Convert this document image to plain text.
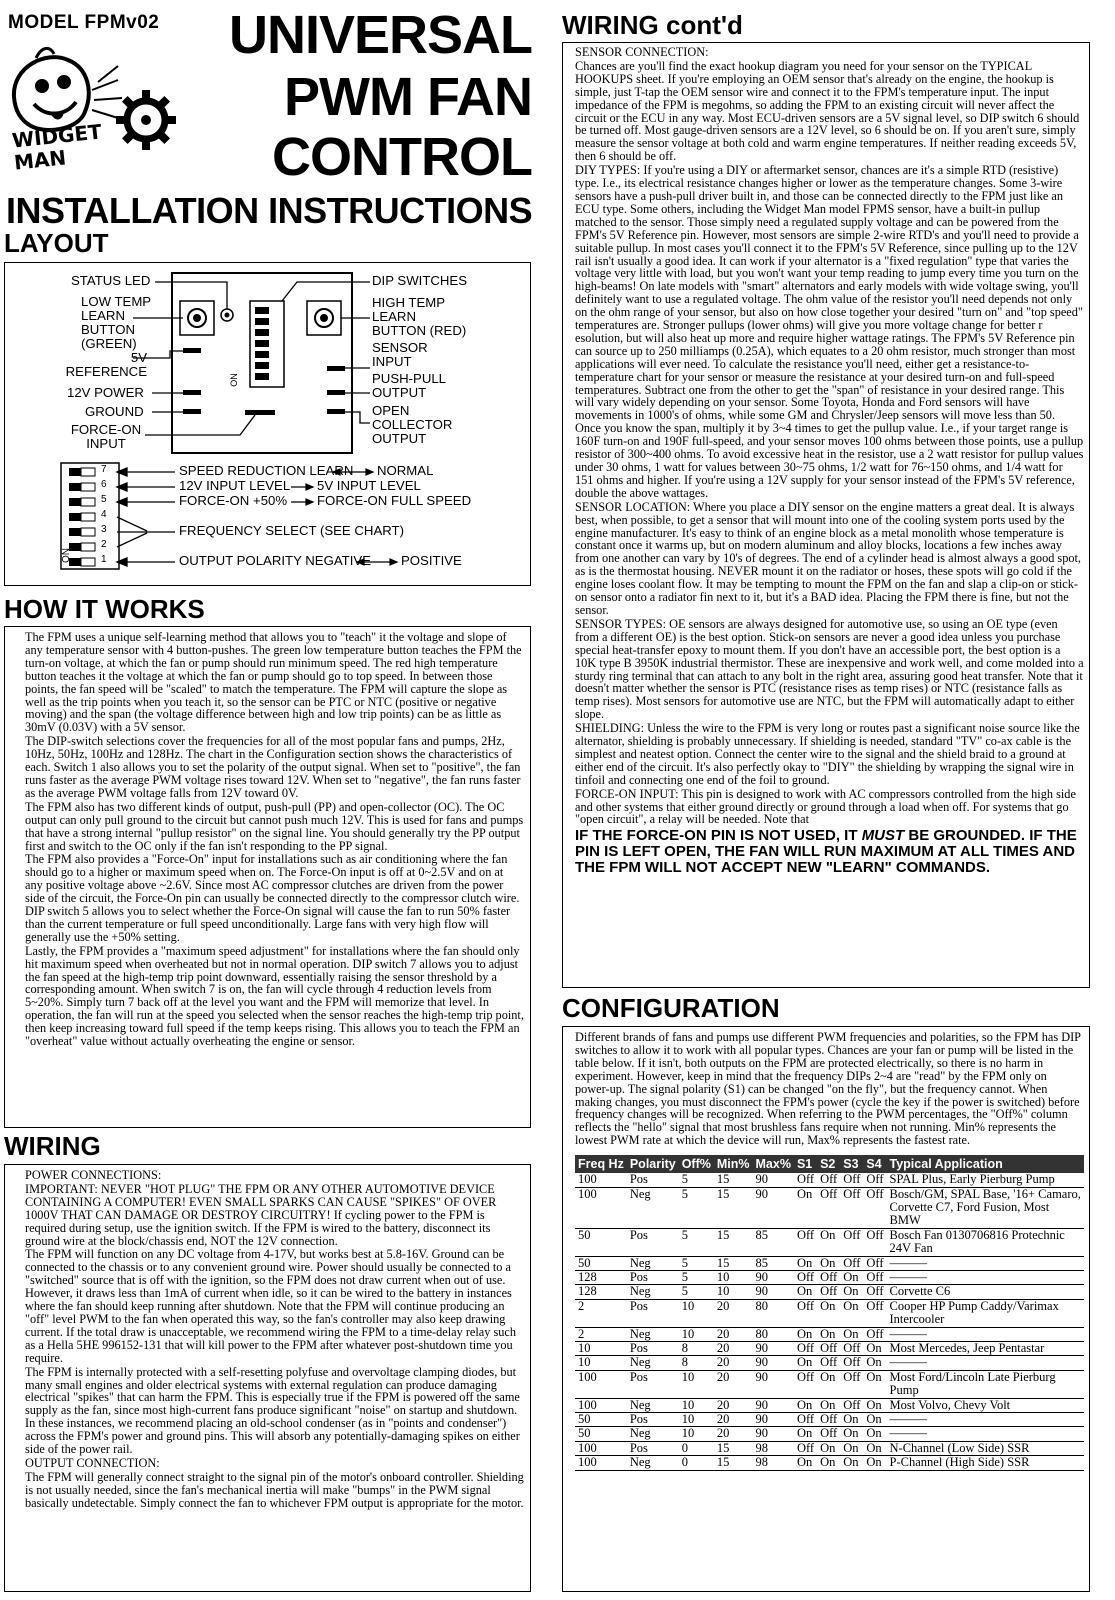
MODEL FPMv02 UNIVERSAL
PWM FAN
CONTROL
WIDGET
MAN
INSTALLATION INSTRUCTIONS
LAYOUT
ON
ON
7
6
5
4
3
2
1
STATUS LED
LOW TEMP
LEARN
BUTTON
(GREEN)
5V
REFERENCE
12V POWER
GROUND
FORCE-ON
INPUT
DIP SWITCHES
HIGH TEMP
LEARN
BUTTON (RED)
SENSOR
INPUT
PUSH-PULL
OUTPUT
OPEN
COLLECTOR
OUTPUT
SPEED REDUCTION LEARN NORMAL
12V INPUT LEVEL 5V INPUT LEVEL
FORCE-ON +50% FORCE-ON FULL SPEED
FREQUENCY SELECT (SEE CHART)
OUTPUT POLARITY NEGATIVE POSITIVE
HOW IT WORKS

The FPM uses a unique self-learning method that allows you to "teach" it the voltage and slope of any temperature sensor with 4 button-pushes. The green low temperature button teaches the FPM the turn-on voltage, at which the fan or pump should run minimum speed. The red high temperature button teaches it the voltage at which the fan or pump should go to top speed. In between those points, the fan speed will be "scaled" to match the temperature. The FPM will capture the slope as well as the trip points when you teach it, so the sensor can be PTC or NTC (positive or negative moving) and the span (the voltage difference between high and low trip points) can be as little as 30mV (0.03V) with a 5V sensor.

The DIP-switch selections cover the frequencies for all of the most popular fans and pumps, 2Hz, 10Hz, 50Hz, 100Hz and 128Hz. The chart in the Configuration section shows the characteristics of each. Switch 1 also allows you to set the polarity of the output signal. When set to "positive", the fan runs faster as the average PWM voltage rises toward 12V. When set to "negative", the fan runs faster as the average PWM voltage falls from 12V toward 0V.

The FPM also has two different kinds of output, push-pull (PP) and open-collector (OC). The OC output can only pull ground to the circuit but cannot push much 12V. This is used for fans and pumps that have a strong internal "pullup resistor" on the signal line. You should generally try the PP output first and switch to the OC only if the fan isn't responding to the PP signal.

The FPM also provides a "Force-On" input for installations such as air conditioning where the fan should go to a higher or maximum speed when on. The Force-On input is off at 0~2.5V and on at any positive voltage above ~2.6V. Since most AC compressor clutches are driven from the power side of the circuit, the Force-On pin can usually be connected directly to the compressor clutch wire. DIP switch 5 allows you to select whether the Force-On signal will cause the fan to run 50% faster than the current temperature or full speed unconditionally. Large fans with very high flow will generally use the +50% setting.

Lastly, the FPM provides a "maximum speed adjustment" for installations where the fan should only hit maximum speed when overheated but not in normal operation. DIP switch 7 allows you to adjust the fan speed at the high-temp trip point downward, essentially raising the sensor threshold by a corresponding amount. When switch 7 is on, the fan will cycle through 4 reduction levels from 5~20%. Simply turn 7 back off at the level you want and the FPM will memorize that level. In operation, the fan will run at the speed you selected when the sensor reaches the high-temp trip point, then keep increasing toward full speed if the temp keeps rising. This allows you to teach the FPM an "overheat" value without actually overheating the engine or sensor.

WIRING

POWER CONNECTIONS:

IMPORTANT: NEVER "HOT PLUG" THE FPM OR ANY OTHER AUTOMOTIVE DEVICE CONTAINING A COMPUTER! EVEN SMALL SPARKS CAN CAUSE "SPIKES" OF OVER 1000V THAT CAN DAMAGE OR DESTROY CIRCUITRY! If cycling power to the FPM is required during setup, use the ignition switch. If the FPM is wired to the battery, disconnect its ground wire at the block/chassis end, NOT the 12V connection.

The FPM will function on any DC voltage from 4-17V, but works best at 5.8-16V. Ground can be connected to the chassis or to any convenient ground wire. Power should usually be connected to a "switched" source that is off with the ignition, so the FPM does not draw current when out of use. However, it draws less than 1mA of current when idle, so it can be wired to the battery in instances where the fan should keep running after shutdown. Note that the FPM will continue producing an "off" level PWM to the fan when operated this way, so the fan's controller may also keep drawing current. If the total draw is unacceptable, we recommend wiring the FPM to a time-delay relay such as a Hella 5HE 996152-131 that will kill power to the FPM after whatever post-shutdown time you require.

The FPM is internally protected with a self-resetting polyfuse and overvoltage clamping diodes, but many small engines and older electrical systems with external regulation can produce damaging electrical "spikes" that can harm the FPM. This is especially true if the FPM is powered off the same supply as the fan, since most high-current fans produce significant "noise" on startup and shutdown. In these instances, we recommend placing an old-school condenser (as in "points and condenser") across the FPM's power and ground pins. This will absorb any potentially-damaging spikes on either side of the power rail.

OUTPUT CONNECTION:

The FPM will generally connect straight to the signal pin of the motor's onboard controller. Shielding is not usually needed, since the fan's mechanical inertia will make "bumps" in the PWM signal basically undetectable. Simply connect the fan to whichever FPM output is appropriate for the motor.

WIRING cont'd

SENSOR CONNECTION:

Chances are you'll find the exact hookup diagram you need for your sensor on the TYPICAL HOOKUPS sheet. If you're employing an OEM sensor that's already on the engine, the hookup is simple, just T-tap the OEM sensor wire and connect it to the FPM's temperature input. The input impedance of the FPM is megohms, so adding the FPM to an existing circuit will never affect the circuit or the ECU in any way. Most ECU-driven sensors are a 5V signal level, so DIP switch 6 should be turned off. Most gauge-driven sensors are a 12V level, so 6 should be on. If you aren't sure, simply measure the sensor voltage at both cold and warm engine temperatures. If neither reading exceeds 5V, then 6 should be off.

DIY TYPES: If you're using a DIY or aftermarket sensor, chances are it's a simple RTD (resistive) type. I.e., its electrical resistance changes higher or lower as the temperature changes. Some 3-wire sensors have a push-pull driver built in, and those can be connected directly to the FPM just like an ECU type. Some others, including the Widget Man model FPMS sensor, have a built-in pullup matched to the sensor. Those simply need a regulated supply voltage and can be powered from the FPM's 5V Reference pin. However, most sensors are simple 2-wire RTD's and you'll need to provide a suitable pullup. In most cases you'll connect it to the FPM's 5V Reference, since pulling up to the 12V rail isn't usually a good idea. It can work if your alternator is a "fixed regulation" type that varies the voltage very little with load, but you won't want your temp reading to jump every time you turn on the high-beams! On late models with "smart" alternators and early models with wide voltage swing, you'll definitely want to use a regulated voltage. The ohm value of the resistor you'll need depends not only on the ohm range of your sensor, but also on how close together your desired "turn on" and "top speed" temperatures are. Stronger pullups (lower ohms) will give you more voltage change for better r esolution, but will also heat up more and require higher wattage ratings. The FPM's 5V Reference pin can source up to 250 milliamps (0.25A), which equates to a 20 ohm resistor, much stronger than most applications will ever need. To calculate the resistance you'll need, either get a resistance-to-temperature chart for your sensor or measure the resistance at your desired turn-on and full-speed temperatures. Subtract one from the other to get the "span" of resistance in your desired range. This will vary widely depending on your sensor. Some Toyota, Honda and Ford sensors will have movements in 1000's of ohms, while some GM and Chrysler/Jeep sensors will move less than 50. Once you know the span, multiply it by 3~4 times to get the pullup value. I.e., if your target range is 160F turn-on and 190F full-speed, and your sensor moves 100 ohms between those points, use a pullup resistor of 300~400 ohms. To avoid excessive heat in the resistor, use a 2 watt resistor for pullup values under 30 ohms, 1 watt for values between 30~75 ohms, 1/2 watt for 76~150 ohms, and 1/4 watt for 151 ohms and higher. If you're using a 12V supply for your sensor instead of the FPM's 5V reference, double the above wattages.

SENSOR LOCATION: Where you place a DIY sensor on the engine matters a great deal. It is always best, when possible, to get a sensor that will mount into one of the cooling system ports used by the engine manufacturer. It's easy to think of an engine block as a metal monolith whose temperature is constant once it warms up, but on modern aluminum and alloy blocks, locations a few inches away from one another can vary by 10's of degrees. The end of a cylinder head is almost always a good spot, as is the thermostat housing. NEVER mount it on the radiator or hoses, these spots will go cold if the engine loses coolant flow. It may be tempting to mount the FPM on the fan and slap a clip-on or stick-on sensor onto a radiator fin next to it, but it's a BAD idea. Placing the FPM there is fine, but not the sensor.

SENSOR TYPES: OE sensors are always designed for automotive use, so using an OE type (even from a different OE) is the best option. Stick-on sensors are never a good idea unless you purchase special heat-transfer epoxy to mount them. If you don't have an accessible port, the best option is a 10K type B 3950K industrial thermistor. These are inexpensive and work well, and come molded into a sturdy ring terminal that can attach to any bolt in the right area, assuring good heat transfer. Note that it doesn't matter whether the sensor is PTC (resistance rises as temp rises) or NTC (resistance falls as temp rises). Most sensors for automotive use are NTC, but the FPM will automatically adapt to either slope.

SHIELDING: Unless the wire to the FPM is very long or routes past a significant noise source like the alternator, shielding is probably unnecessary. If shielding is needed, standard "TV" co-ax cable is the simplest and neatest option. Connect the center wire to the signal and the shield braid to a ground at either end of the circuit. It's also perfectly okay to "DIY" the shielding by wrapping the signal wire in tinfoil and connecting one end of the foil to ground.

FORCE-ON INPUT: This pin is designed to work with AC compressors controlled from the high side and other systems that either ground directly or ground through a load when off. For systems that go "open circuit", a relay will be needed. Note that

IF THE FORCE-ON PIN IS NOT USED, IT MUST BE GROUNDED. IF THE PIN IS LEFT OPEN, THE FAN WILL RUN MAXIMUM AT ALL TIMES AND THE FPM WILL NOT ACCEPT NEW "LEARN" COMMANDS.
CONFIGURATION
Different brands of fans and pumps use different PWM frequencies and polarities, so the FPM has DIP switches to allow it to work with all popular types. Chances are your fan or pump will be listed in the table below. If it isn't, both outputs on the FPM are protected electrically, so there is no harm in experiment. However, keep in mind that the frequency DIPs 2~4 are "read" by the FPM only on power-up. The signal polarity (S1) can be changed "on the fly", but the frequency cannot. When making changes, you must disconnect the FPM's power (cycle the key if the power is switched) before frequency changes will be recognized. When referring to the PWM percentages, the "Off%" column reflects the "hello" signal that most brushless fans require when not running. Min% represents the lowest PWM rate at which the device will run, Max% represents the fastest rate.
Freq Hz	Polarity	Off%	Min%	Max%	S1	S2	S3	S4	Typical Application
100	Pos	5	15	90	Off	Off	Off	Off	SPAL Plus, Early Pierburg Pump
100	Neg	5	15	90	On	Off	Off	Off	Bosch/GM, SPAL Base, '16+ Camaro, Corvette C7, Ford Fusion, Most BMW
50	Pos	5	15	85	Off	On	Off	Off	Bosch Fan 0130706816 Protechnic 24V Fan
50	Neg	5	15	85	On	On	Off	Off	———
128	Pos	5	10	90	Off	Off	On	Off	———
128	Neg	5	10	90	On	Off	On	Off	Corvette C6
2	Pos	10	20	80	Off	On	On	Off	Cooper HP Pump Caddy/Varimax Intercooler
2	Neg	10	20	80	On	On	On	Off	———
10	Pos	8	20	90	Off	Off	Off	On	Most Mercedes, Jeep Pentastar
10	Neg	8	20	90	On	Off	Off	On	———
100	Pos	10	20	90	Off	On	Off	On	Most Ford/Lincoln Late Pierburg Pump
100	Neg	10	20	90	On	On	Off	On	Most Volvo, Chevy Volt
50	Pos	10	20	90	Off	Off	On	On	———
50	Neg	10	20	90	On	Off	On	On	———
100	Pos	0	15	98	Off	On	On	On	N-Channel (Low Side) SSR
100	Neg	0	15	98	On	On	On	On	P-Channel (High Side) SSR
